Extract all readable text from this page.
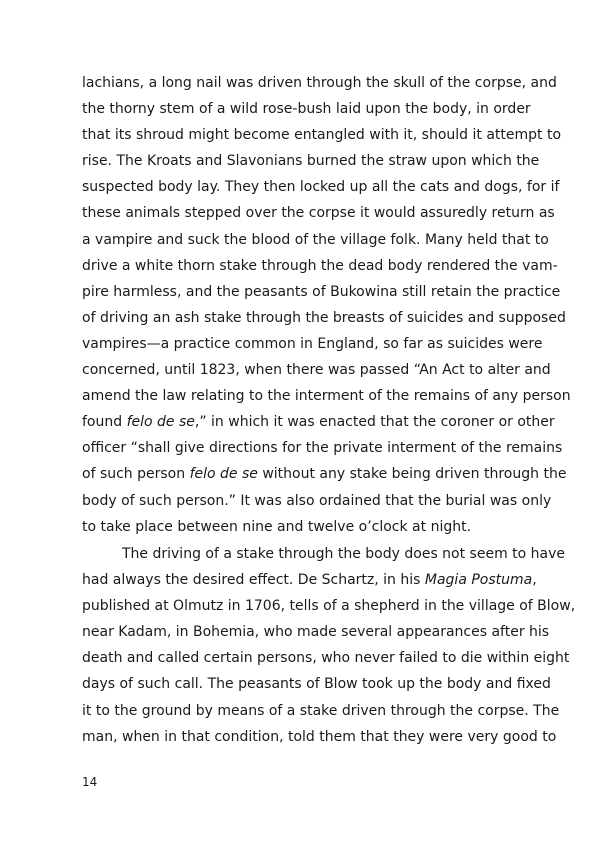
lachians, a long nail was driven through the skull of the corpse, and
the thorny stem of a wild rose-bush laid upon the body, in order
that its shroud might become entangled with it, should it attempt to
rise. The Kroats and Slavonians burned the straw upon which the
suspected body lay. They then locked up all the cats and dogs, for if
these animals stepped over the corpse it would assuredly return as
a vampire and suck the blood of the village folk. Many held that to
drive a white thorn stake through the dead body rendered the vam-
pire harmless, and the peasants of Bukowina still retain the practice
of driving an ash stake through the breasts of suicides and supposed
vampires—a practice common in England, so far as suicides were
concerned, until 1823, when there was passed “An Act to alter and
amend the law relating to the interment of the remains of any person
found felo de se,” in which it was enacted that the coroner or other
officer “shall give directions for the private interment of the remains
of such person felo de se without any stake being driven through the
body of such person.” It was also ordained that the burial was only
to take place between nine and twelve o’clock at night.
The driving of a stake through the body does not seem to have
had always the desired effect. De Schartz, in his Magia Postuma,
published at Olmutz in 1706, tells of a shepherd in the village of Blow,
near Kadam, in Bohemia, who made several appearances after his
death and called certain persons, who never failed to die within eight
days of such call. The peasants of Blow took up the body and fixed
it to the ground by means of a stake driven through the corpse. The
man, when in that condition, told them that they were very good to
14
